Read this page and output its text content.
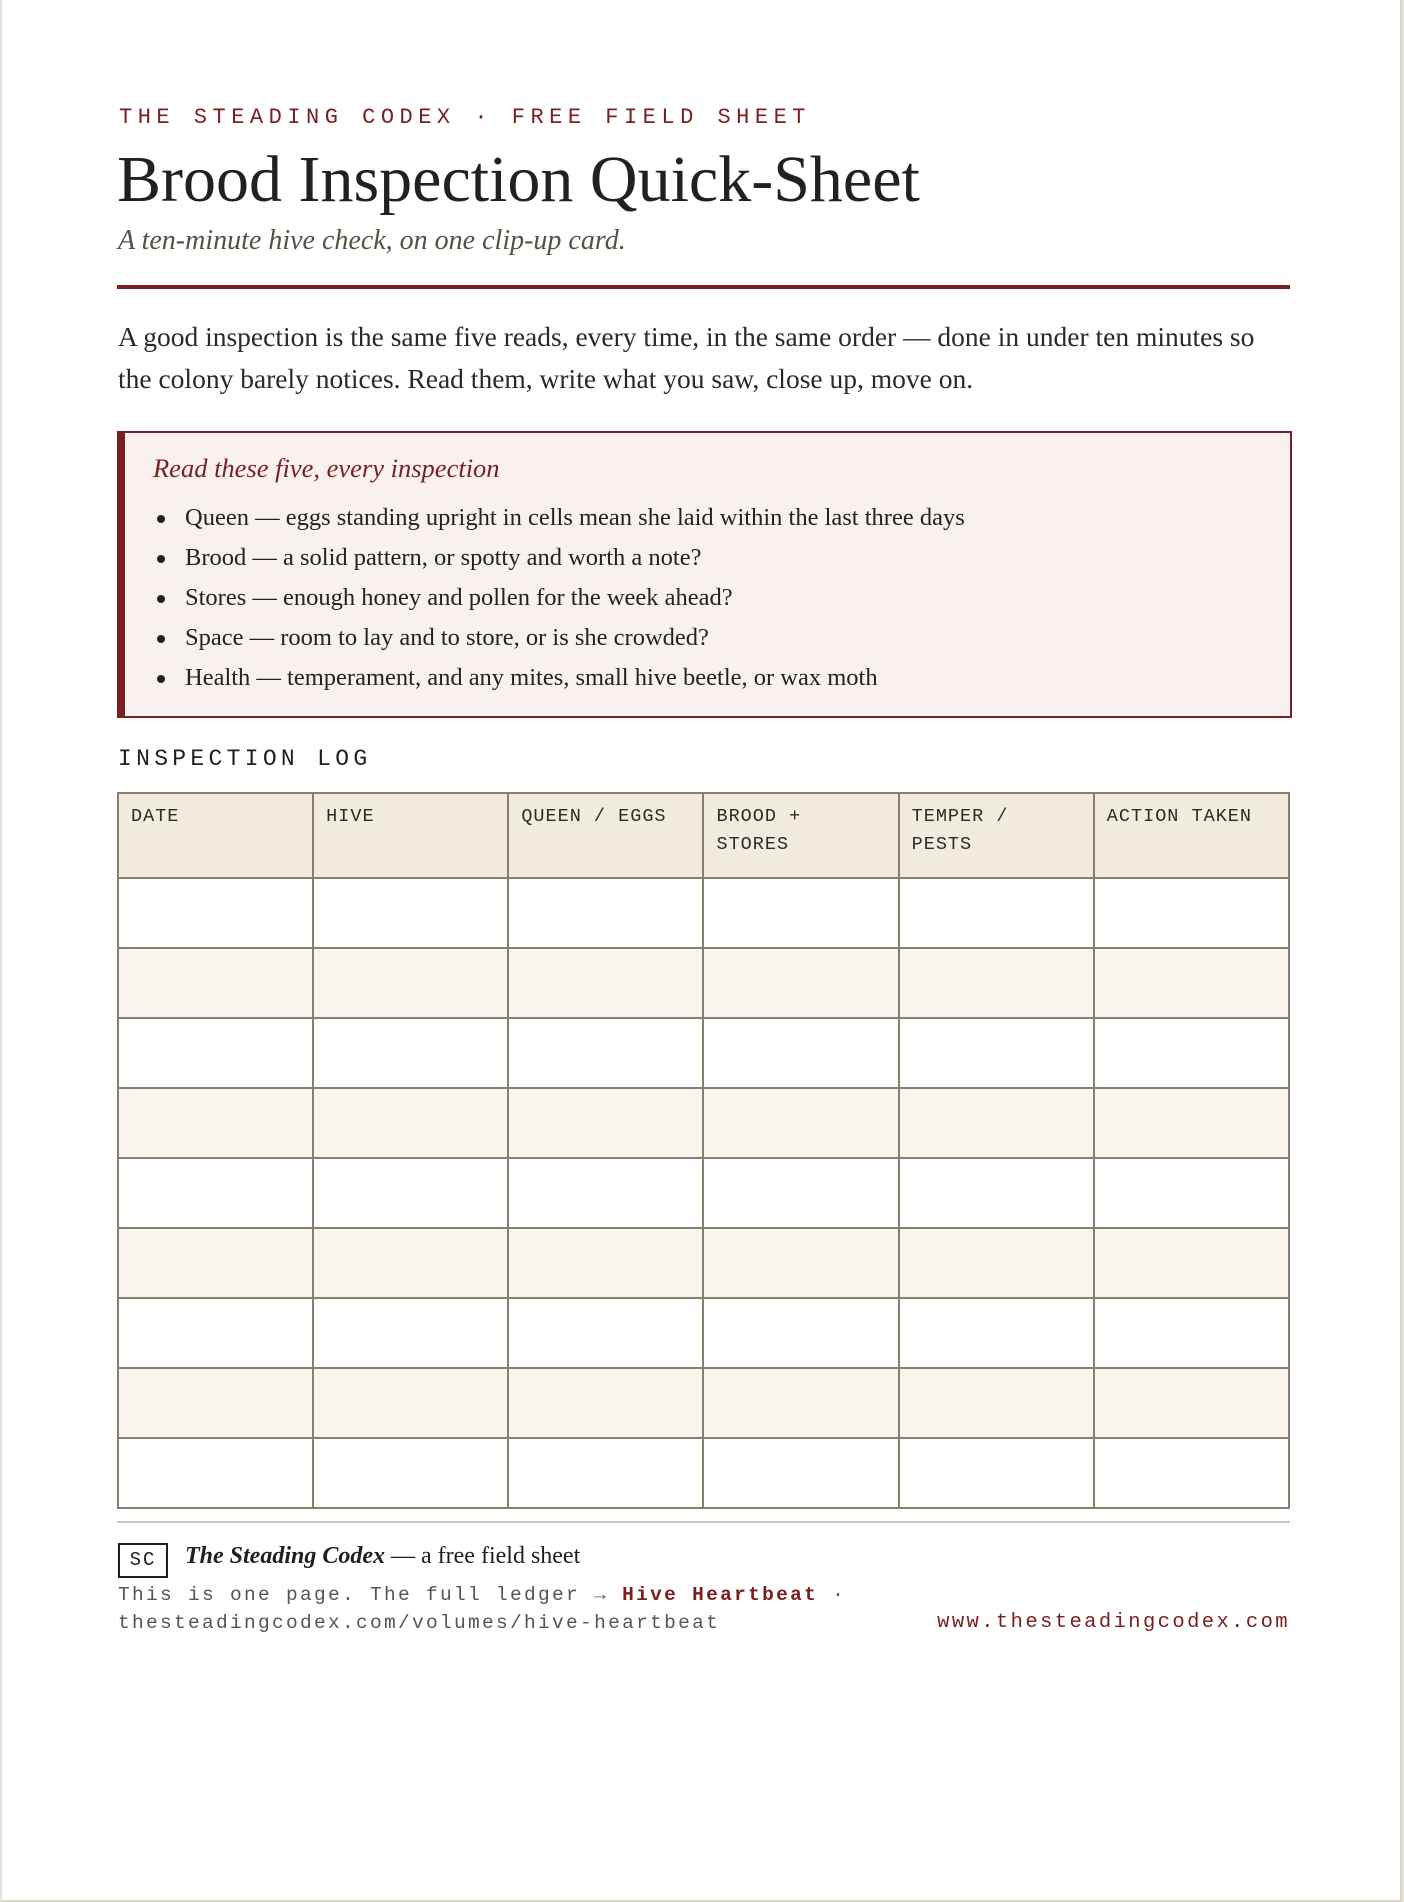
THE STEADING CODEX · FREE FIELD SHEET
Brood Inspection Quick-Sheet
A ten-minute hive check, on one clip-up card.

A good inspection is the same five reads, every time, in the same order — done in under ten minutes so the colony barely notices. Read them, write what you saw, close up, move on.

Read these five, every inspection
Queen — eggs standing upright in cells mean she laid within the last three days
Brood — a solid pattern, or spotty and worth a note?
Stores — enough honey and pollen for the week ahead?
Space — room to lay and to store, or is she crowded?
Health — temperament, and any mites, small hive beetle, or wax moth
INSPECTION LOG
DATE	HIVE	QUEEN / EGGS	BROOD + STORES	TEMPER / PESTS	ACTION TAKEN

SC	The Steading Codex — a free field sheet
This is one page. The full ledger → Hive Heartbeat ·
thesteadingcodex.com/volumes/hive-heartbeat	www.thesteadingcodex.com
